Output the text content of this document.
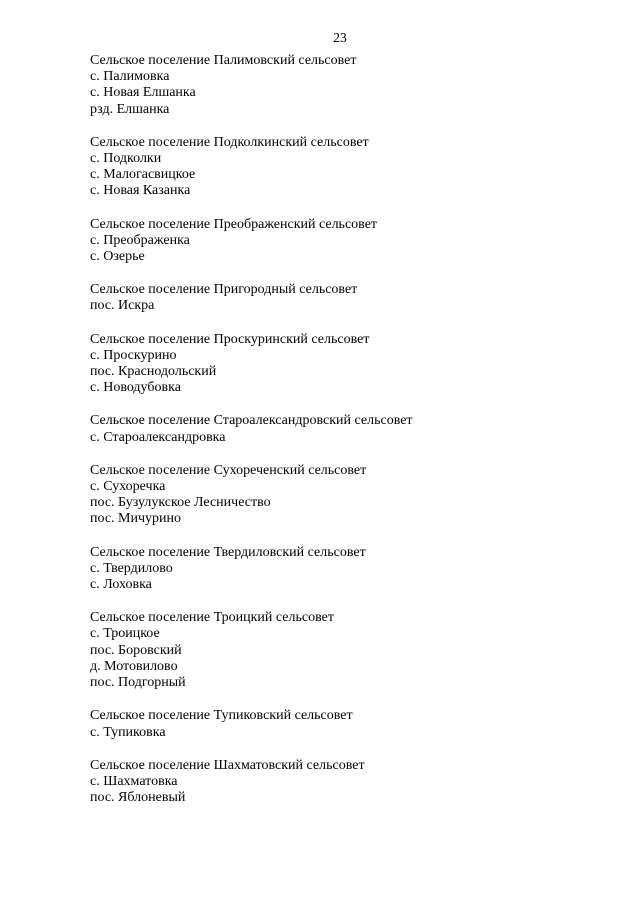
23
Сельское поселение Палимовский сельсовет
с. Палимовка
с. Новая Елшанка
рзд. Елшанка
Сельское поселение Подколкинский сельсовет
с. Подколки
с. Малогасвицкое
с. Новая Казанка
Сельское поселение Преображенский сельсовет
с. Преображенка
с. Озерье
Сельское поселение Пригородный сельсовет
пос. Искра
Сельское поселение Проскуринский сельсовет
с. Проскурино
пос. Краснодольский
с. Новодубовка
Сельское поселение Староалександровский сельсовет
с. Староалександровка
Сельское поселение Сухореченский сельсовет
с. Сухоречка
пос. Бузулукское Лесничество
пос. Мичурино
Сельское поселение Твердиловский сельсовет
с. Твердилово
с. Лоховка
Сельское поселение Троицкий сельсовет
с. Троицкое
пос. Боровский
д. Мотовилово
пос. Подгорный
Сельское поселение Тупиковский сельсовет
с. Тупиковка
Сельское поселение Шахматовский сельсовет
с. Шахматовка
пос. Яблоневый
